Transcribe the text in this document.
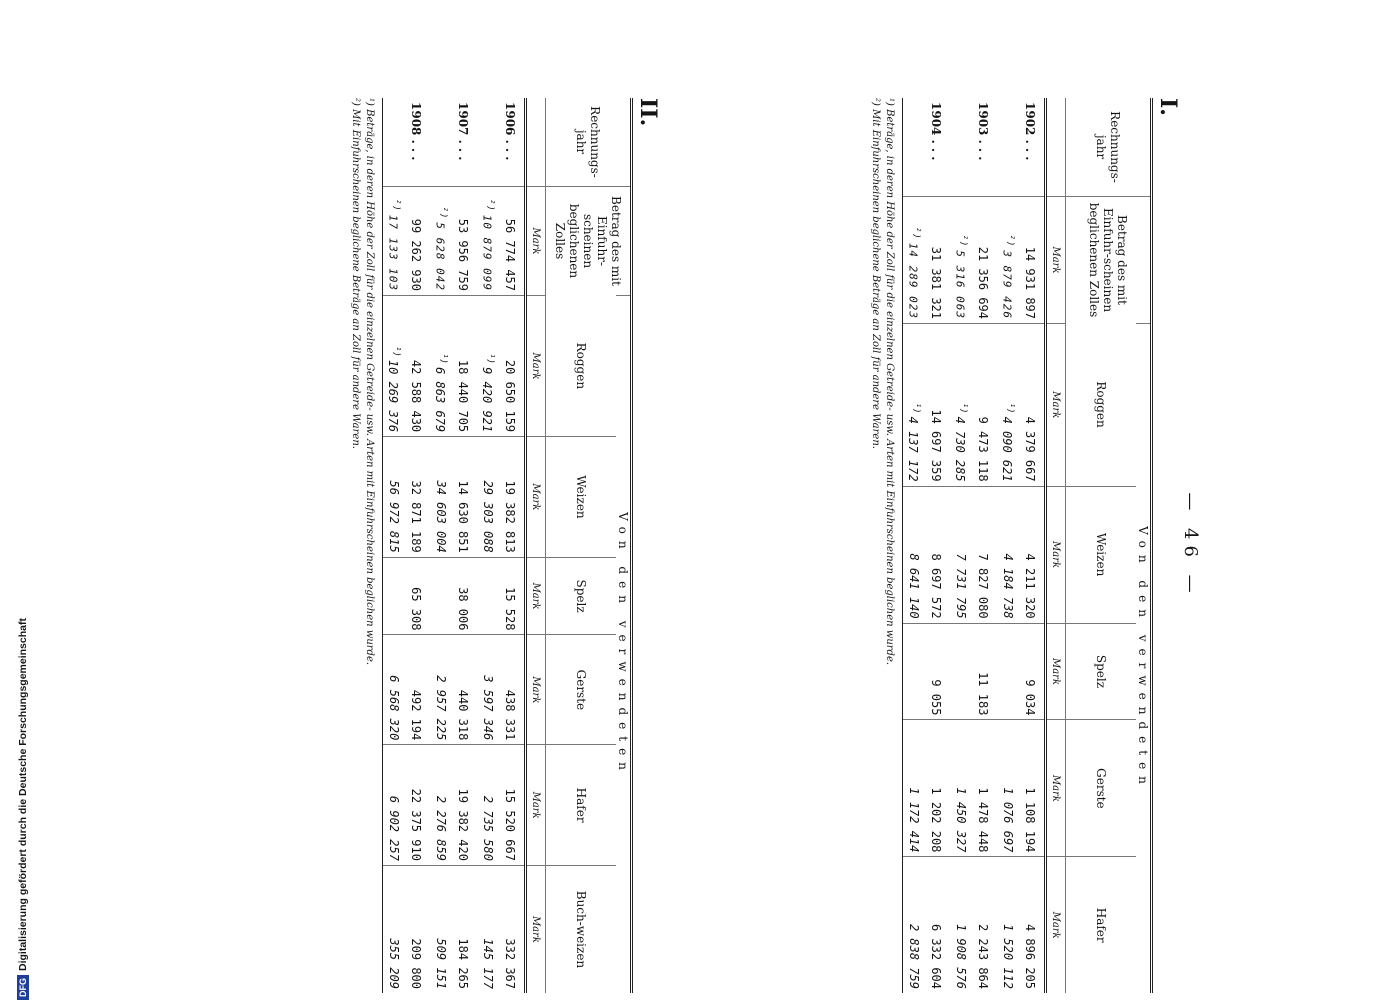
— 46 —
I.
Rechnungs-jahr	Betrag des mit Einfuhr-scheinen beglichenen Zolles	Von den verwendeten				
		Roggen	Weizen	Spelz	Gerste	Hafer
	Mark	Mark	Mark	Mark	Mark	Mark
1902 . . .	14 931 897	4 379 667	4 211 320	9 034	1 108 194	4 896 205
	$^{^2)}$3 879 426	$^{^1)}$4 090 621	4 184 738		1 076 697	1 520 112
1903 . . .	21 356 694	9 473 118	7 827 080	11 183	1 478 448	2 243 864
	$^{^2)}$5 316 063	$^{^1)}$4 730 285	7 731 795		1 450 327	1 908 576
1904 . . .	31 381 321	14 697 359	8 697 572	9 055	1 202 208	6 332 604
	$^{^2)}$14 289 023	$^{^1)}$4 137 172	8 641 140		1 172 414	2 838 759
¹) Beträge, in deren Höhe der Zoll für die einzelnen Getreide- usw. Arten mit Einfuhrscheinen beglichen wurde.
²) Mit Einfuhrscheinen beglichene Beträge an Zoll für andere Waren.
II.
Rechnungs-jahr	Betrag des mit Einfuhr-scheinen beglichenen Zolles	Von den verwendeten					
		Roggen	Weizen	Spelz	Gerste	Hafer	Buch-weizen
	Mark	Mark	Mark	Mark	Mark	Mark	Mark
1906 . . .	56 774 457	20 650 159	19 382 813	15 528	438 331	15 520 667	332 367
	$^{^2)}$10 879 099	$^{^1)}$9 420 921	29 303 088		3 597 346	2 735 580	145 177
1907 . . .	53 956 759	18 440 705	14 630 851	38 006	440 318	19 382 420	184 265
	$^{^2)}$5 628 042	$^{^1)}$6 863 679	34 603 004		2 957 225	2 276 859	509 151
1908 . . .	99 262 930	42 588 430	32 871 189	65 308	492 194	22 375 910	209 800
	$^{^2)}$17 133 103	$^{^1)}$10 269 376	56 972 815		6 568 320	6 902 257	355 209
¹) Beträge, in deren Höhe der Zoll für die einzelnen Getreide- usw. Arten mit Einfuhrscheinen beglichen wurde.
²) Mit Einfuhrscheinen beglichene Beträge an Zoll für andere Waren.
DFG
Digitalisierung gefördert durch die Deutsche Forschungsgemeinschaft
